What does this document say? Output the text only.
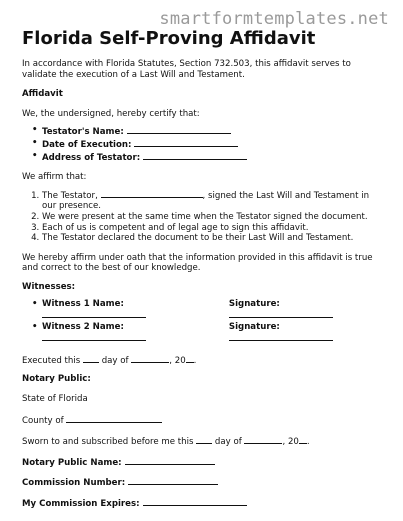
smartformtemplates.net
Florida Self-Proving Affidavit

In accordance with Florida Statutes, Section 732.503, this affidavit serves to validate the execution of a Last Will and Testament.

Affidavit

We, the undersigned, hereby certify that:

• Testator's Name:
• Date of Execution:
• Address of Testator:

We affirm that:

1. The Testator,	, signed the Last Will and Testament in our presence.
2. We were present at the same time when the Testator signed the document.
3. Each of us is competent and of legal age to sign this affidavit.
4. The Testator declared the document to be their Last Will and Testament.

We hereby affirm under oath that the information provided in this affidavit is true and correct to the best of our knowledge.

Witnesses:

• Witness 1 Name:	Signature:
• Witness 2 Name:	Signature:

Executed this day of	, 20 .

Notary Public:

State of Florida

County of

Sworn to and subscribed before me this day of	, 20 .

Notary Public Name:

Commission Number:

My Commission Expires:
